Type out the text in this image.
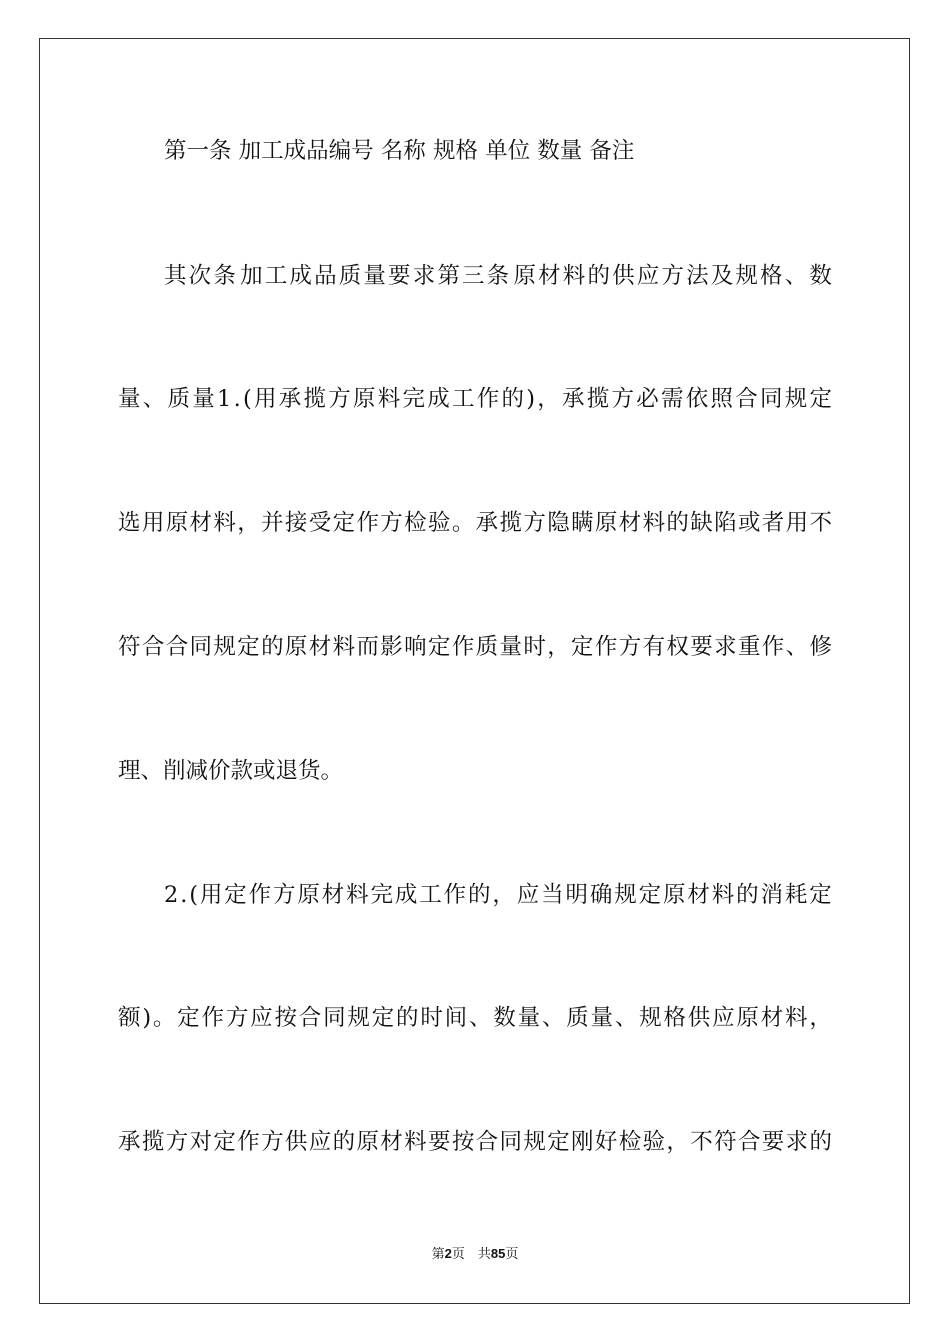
第一条 加工成品编号 名称 规格 单位 数量 备注
其 次 条 加 工 成 品 质 量 要 求 第 三 条 原 材 料 的 供 应 方 法 及 规 格 、 数
量 、 质 量 1 . ( 用 承 揽 方 原 料 完 成 工 作 的 ) ， 承 揽 方 必 需 依 照 合 同 规 定
选 用 原 材 料 ， 并 接 受 定 作 方 检 验 。 承 揽 方 隐 瞒 原 材 料 的 缺 陷 或 者 用 不
符 合 合 同 规 定 的 原 材 料 而 影 响 定 作 质 量 时 ， 定 作 方 有 权 要 求 重 作 、 修
理、削减价款或退货。
2 . ( 用 定 作 方 原 材 料 完 成 工 作 的 ， 应 当 明 确 规 定 原 材 料 的 消 耗 定
额 ) 。 定 作 方 应 按 合 同 规 定 的 时 间 、 数 量 、 质 量 、 规 格 供 应 原 材 料 ，
承 揽 方 对 定 作 方 供 应 的 原 材 料 要 按 合 同 规 定 刚 好 检 验 ， 不 符 合 要 求 的
第2页　共85页
